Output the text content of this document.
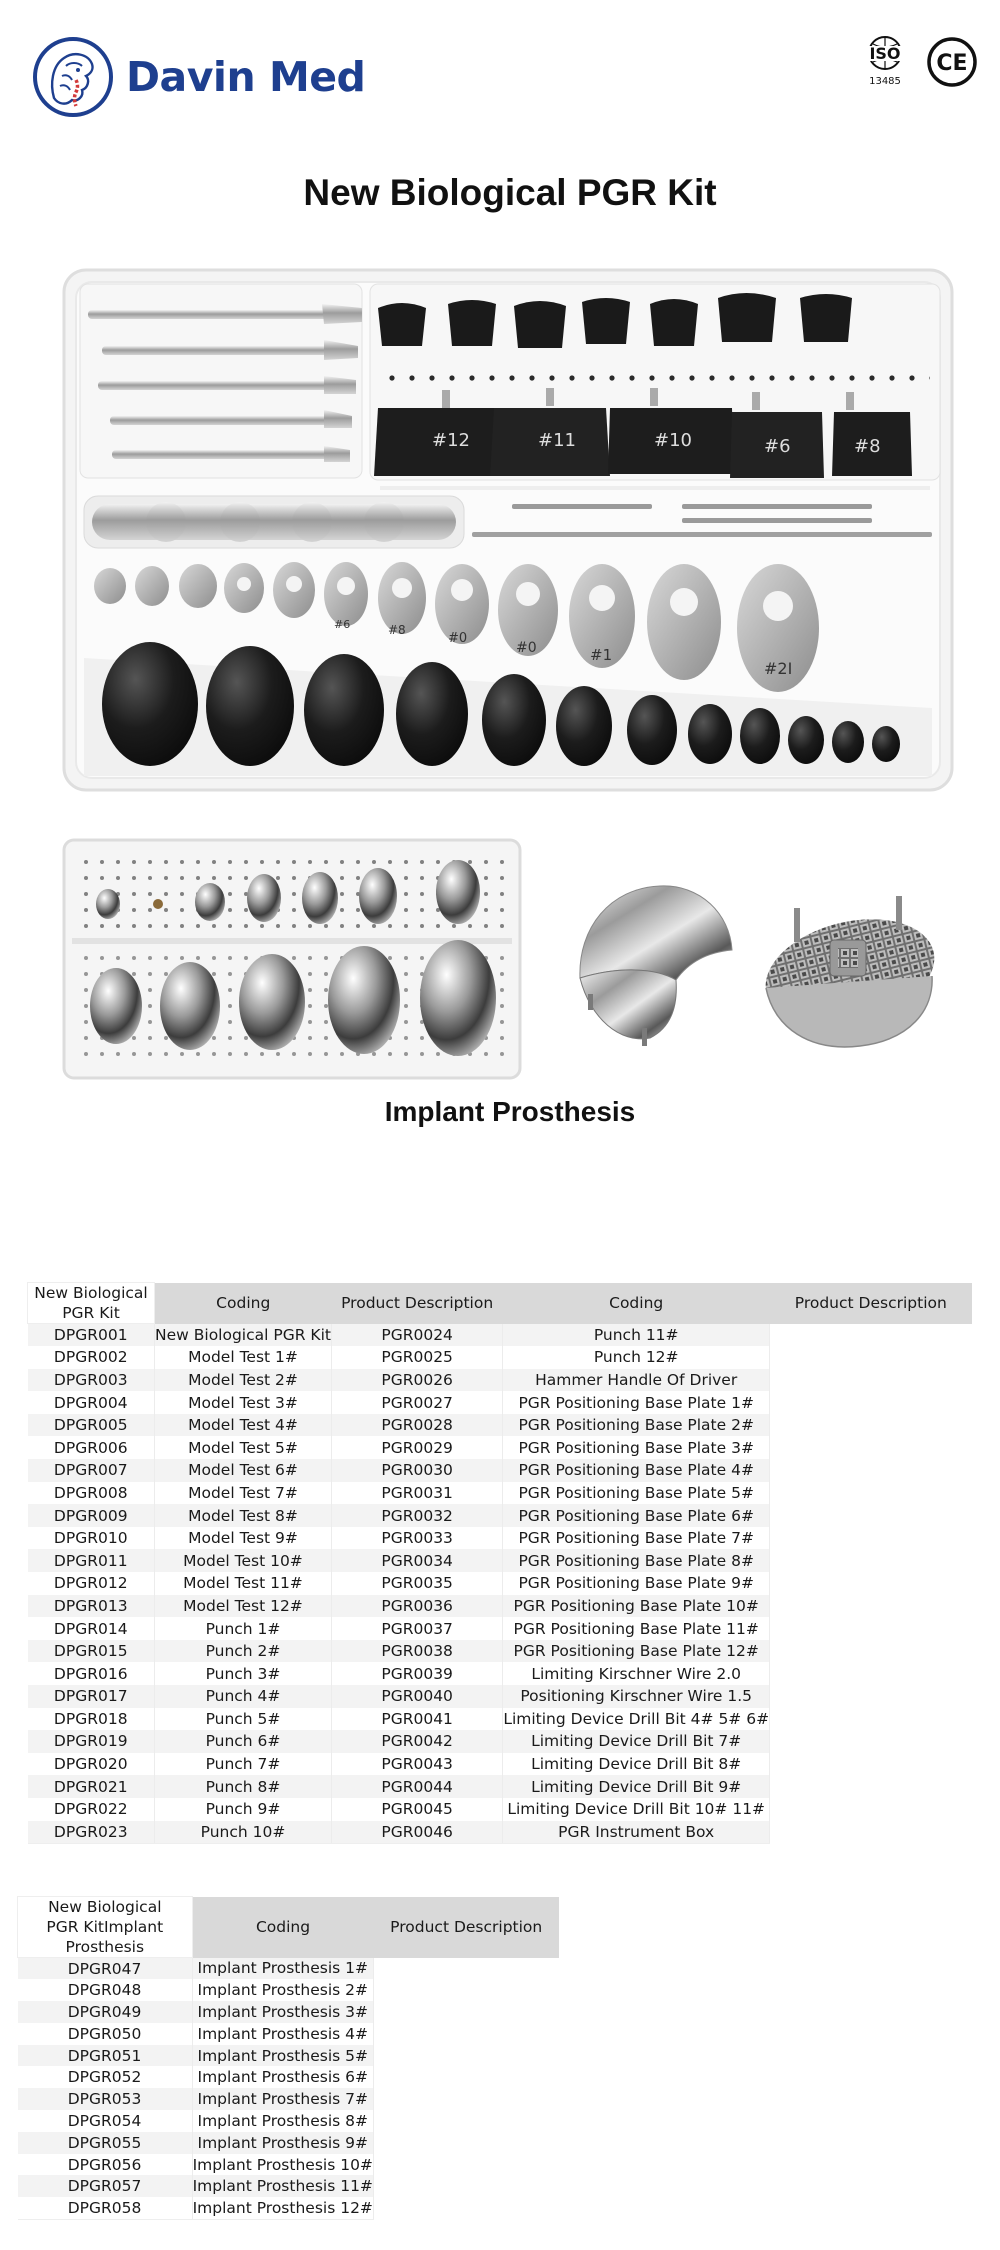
Davin Med	ISO
13485
CE
New Biological PGR Kit
#12	#11	#10	#6	#8
#6	#8
#0
#0	#1
#2I
Implant Prosthesis
New Biological PGR Kit	Coding	Product Description	Coding	Product Description
DPGR001	New Biological PGR Kit	PGR0024	Punch 11#	
DPGR002	Model Test 1#	PGR0025	Punch 12#	
DPGR003	Model Test 2#	PGR0026	Hammer Handle Of Driver	
DPGR004	Model Test 3#	PGR0027	PGR Positioning Base Plate 1#	
DPGR005	Model Test 4#	PGR0028	PGR Positioning Base Plate 2#	
DPGR006	Model Test 5#	PGR0029	PGR Positioning Base Plate 3#	
DPGR007	Model Test 6#	PGR0030	PGR Positioning Base Plate 4#	
DPGR008	Model Test 7#	PGR0031	PGR Positioning Base Plate 5#	
DPGR009	Model Test 8#	PGR0032	PGR Positioning Base Plate 6#	
DPGR010	Model Test 9#	PGR0033	PGR Positioning Base Plate 7#	
DPGR011	Model Test 10#	PGR0034	PGR Positioning Base Plate 8#	
DPGR012	Model Test 11#	PGR0035	PGR Positioning Base Plate 9#	
DPGR013	Model Test 12#	PGR0036	PGR Positioning Base Plate 10#	
DPGR014	Punch 1#	PGR0037	PGR Positioning Base Plate 11#	
DPGR015	Punch 2#	PGR0038	PGR Positioning Base Plate 12#	
DPGR016	Punch 3#	PGR0039	Limiting Kirschner Wire 2.0	
DPGR017	Punch 4#	PGR0040	Positioning Kirschner Wire 1.5	
DPGR018	Punch 5#	PGR0041	Limiting Device Drill Bit 4# 5# 6#	
DPGR019	Punch 6#	PGR0042	Limiting Device Drill Bit 7#	
DPGR020	Punch 7#	PGR0043	Limiting Device Drill Bit 8#	
DPGR021	Punch 8#	PGR0044	Limiting Device Drill Bit 9#	
DPGR022	Punch 9#	PGR0045	Limiting Device Drill Bit 10# 11#	
DPGR023	Punch 10#	PGR0046	PGR Instrument Box	
New Biological PGR KitImplant Prosthesis	Coding	Product Description
DPGR047	Implant Prosthesis 1#	
DPGR048	Implant Prosthesis 2#	
DPGR049	Implant Prosthesis 3#	
DPGR050	Implant Prosthesis 4#	
DPGR051	Implant Prosthesis 5#	
DPGR052	Implant Prosthesis 6#	
DPGR053	Implant Prosthesis 7#	
DPGR054	Implant Prosthesis 8#	
DPGR055	Implant Prosthesis 9#	
DPGR056	Implant Prosthesis 10#	
DPGR057	Implant Prosthesis 11#	
DPGR058	Implant Prosthesis 12#	
